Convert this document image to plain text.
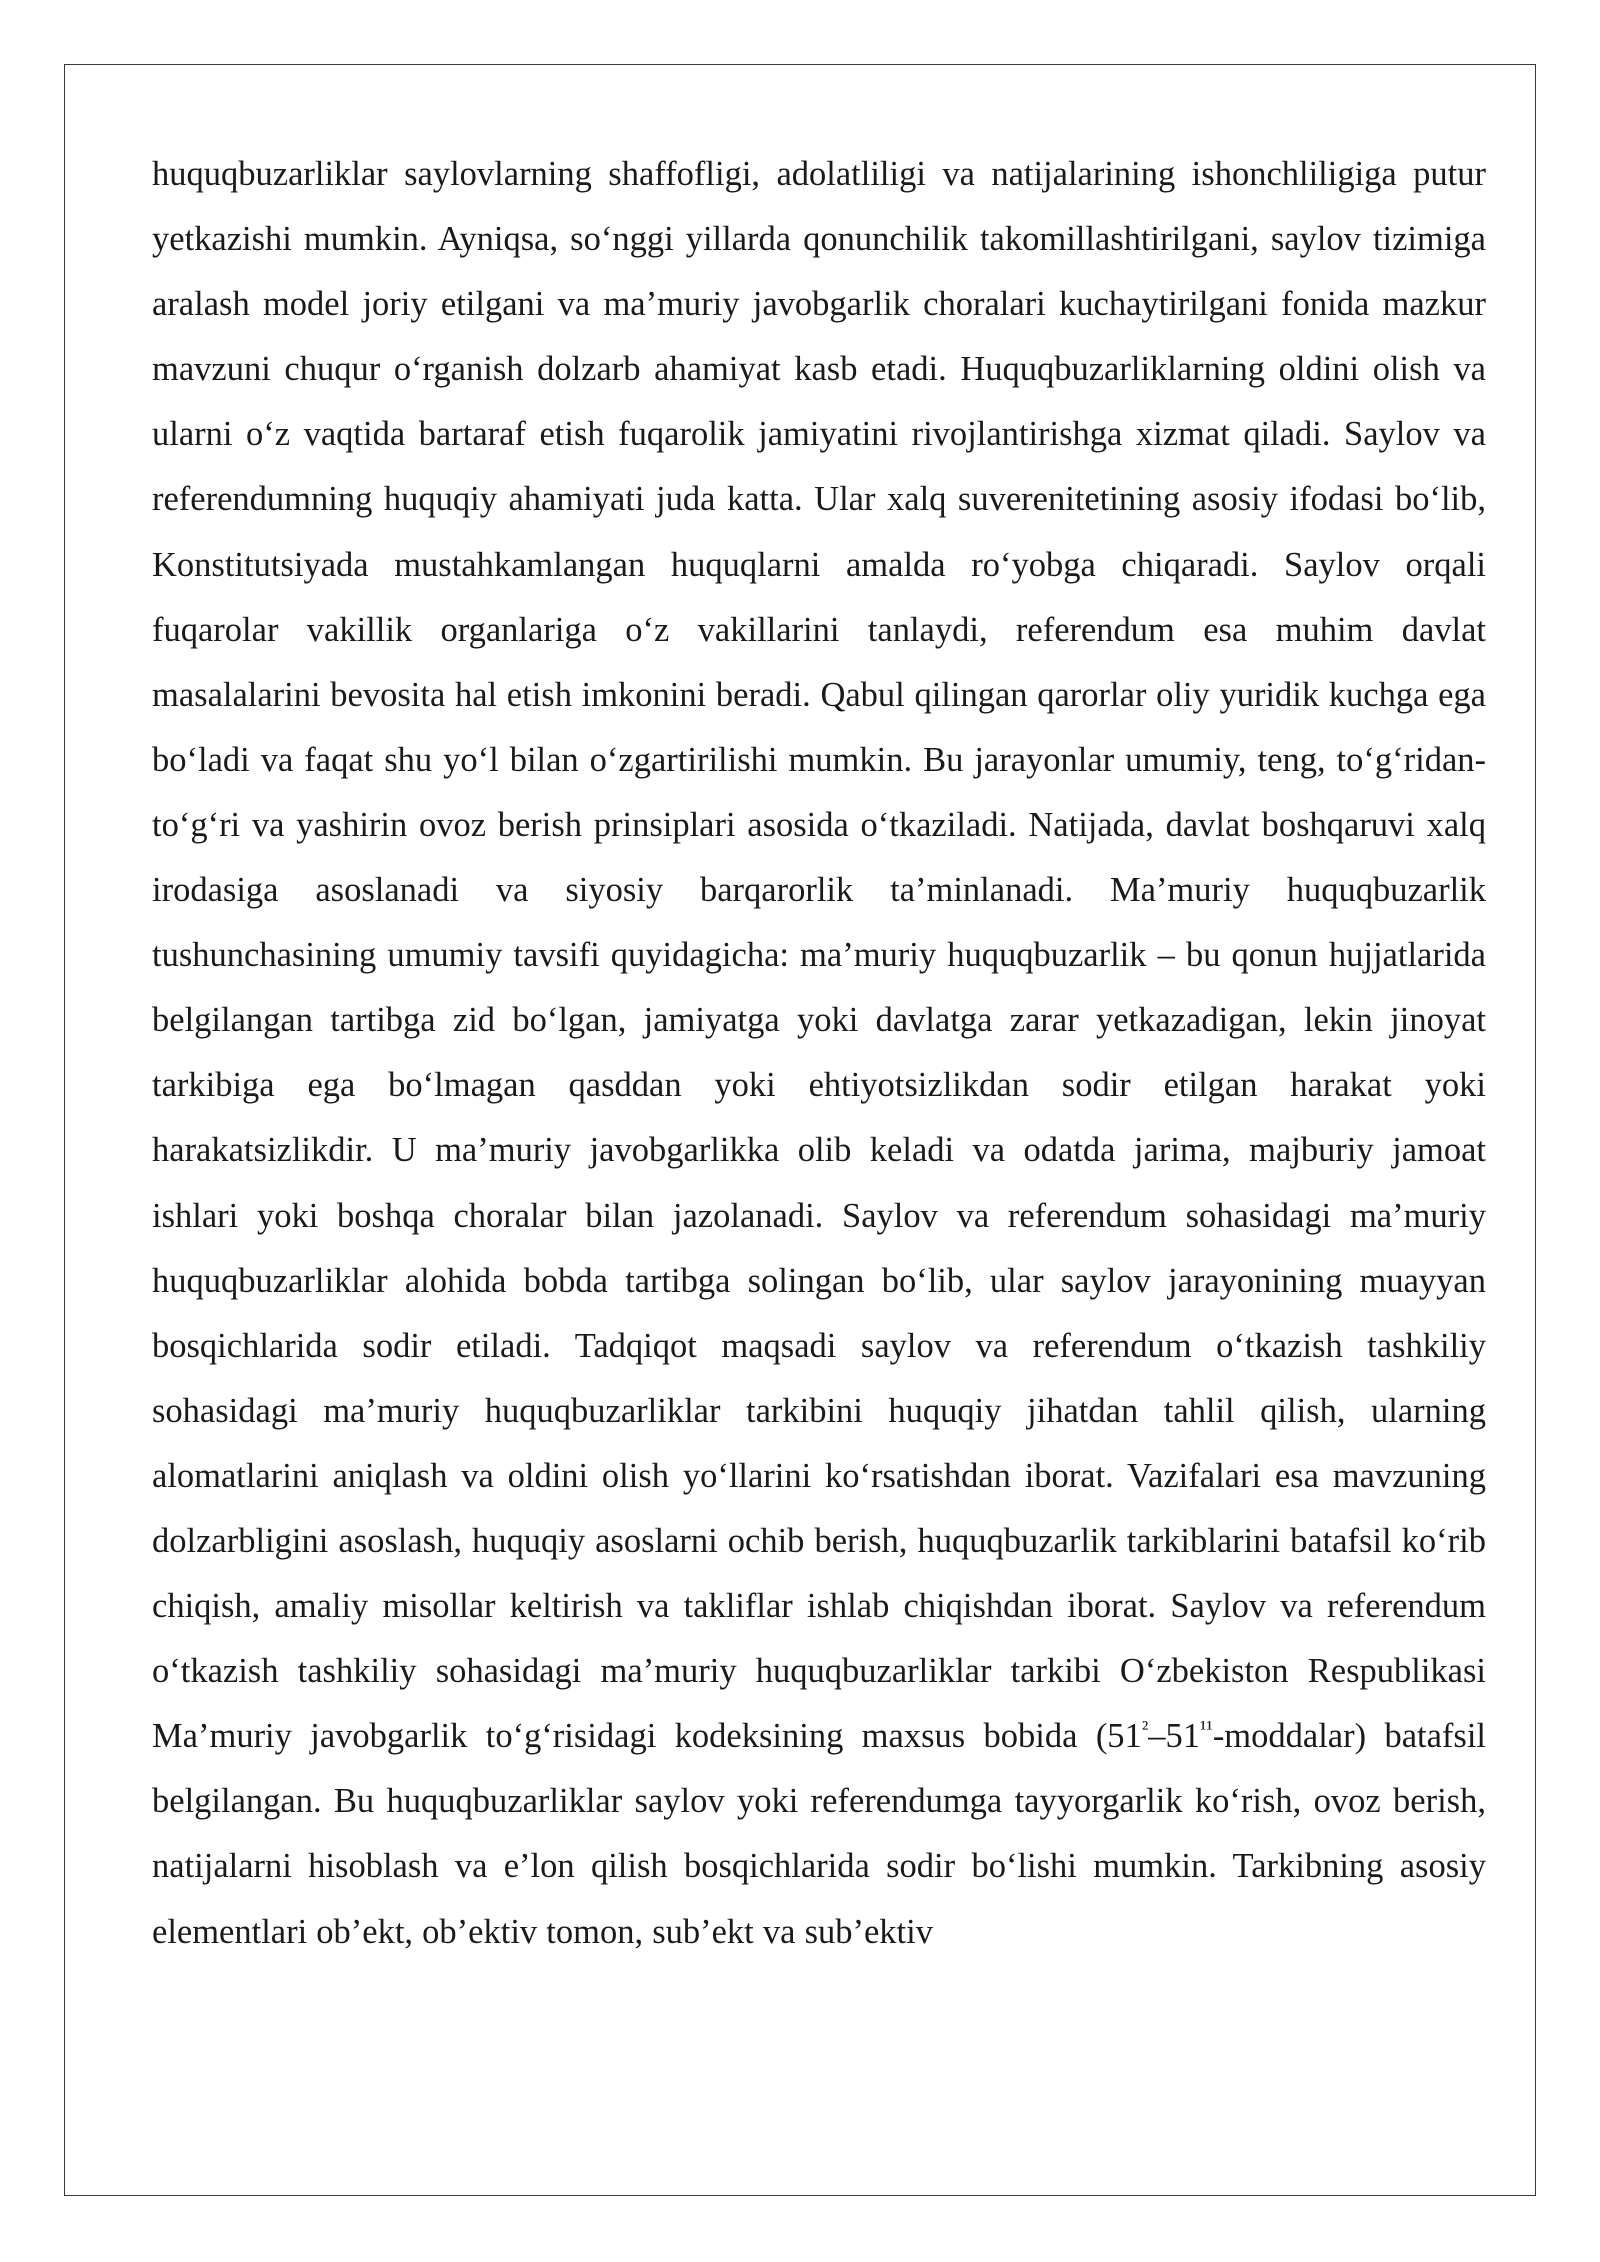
huquqbuzarliklar saylovlarning shaffofligi, adolatliligi va natijalarining ishonchliligiga putur yetkazishi mumkin. Ayniqsa, so‘nggi yillarda qonunchilik takomillashtirilgani, saylov tizimiga aralash model joriy etilgani va ma’muriy javobgarlik choralari kuchaytirilgani fonida mazkur mavzuni chuqur o‘rganish dolzarb ahamiyat kasb etadi. Huquqbuzarliklarning oldini olish va ularni o‘z vaqtida bartaraf etish fuqarolik jamiyatini rivojlantirishga xizmat qiladi. Saylov va referendumning huquqiy ahamiyati juda katta. Ular xalq suverenitetining asosiy ifodasi bo‘lib, Konstitutsiyada mustahkamlangan huquqlarni amalda ro‘yobga chiqaradi. Saylov orqali fuqarolar vakillik organlariga o‘z vakillarini tanlaydi, referendum esa muhim davlat masalalarini bevosita hal etish imkonini beradi. Qabul qilingan qarorlar oliy yuridik kuchga ega bo‘ladi va faqat shu yo‘l bilan o‘zgartirilishi mumkin. Bu jarayonlar umumiy, teng, to‘g‘ridan-to‘g‘ri va yashirin ovoz berish prinsiplari asosida o‘tkaziladi. Natijada, davlat boshqaruvi xalq irodasiga asoslanadi va siyosiy barqarorlik ta’minlanadi. Ma’muriy huquqbuzarlik tushunchasining umumiy tavsifi quyidagicha: ma’muriy huquqbuzarlik – bu qonun hujjatlarida belgilangan tartibga zid bo‘lgan, jamiyatga yoki davlatga zarar yetkazadigan, lekin jinoyat tarkibiga ega bo‘lmagan qasddan yoki ehtiyotsizlikdan sodir etilgan harakat yoki harakatsizlikdir. U ma’muriy javobgarlikka olib keladi va odatda jarima, majburiy jamoat ishlari yoki boshqa choralar bilan jazolanadi. Saylov va referendum sohasidagi ma’muriy huquqbuzarliklar alohida bobda tartibga solingan bo‘lib, ular saylov jarayonining muayyan bosqichlarida sodir etiladi. Tadqiqot maqsadi saylov va referendum o‘tkazish tashkiliy sohasidagi ma’muriy huquqbuzarliklar tarkibini huquqiy jihatdan tahlil qilish, ularning alomatlarini aniqlash va oldini olish yo‘llarini ko‘rsatishdan iborat. Vazifalari esa mavzuning dolzarbligini asoslash, huquqiy asoslarni ochib berish, huquqbuzarlik tarkiblarini batafsil ko‘rib chiqish, amaliy misollar keltirish va takliflar ishlab chiqishdan iborat. Saylov va referendum o‘tkazish tashkiliy sohasidagi ma’muriy huquqbuzarliklar tarkibi O‘zbekiston Respublikasi Ma’muriy javobgarlik to‘g‘risidagi kodeksining maxsus bobida $(51^{^2}-51^{^{11}}-moddalar)$ batafsil belgilangan. Bu huquqbuzarliklar saylov yoki referendumga tayyorgarlik ko‘rish, ovoz berish, natijalarni hisoblash va e’lon qilish bosqichlarida sodir bo‘lishi mumkin. Tarkibning asosiy elementlari ob’ekt, ob’ektiv tomon, sub’ekt va sub’ektiv
